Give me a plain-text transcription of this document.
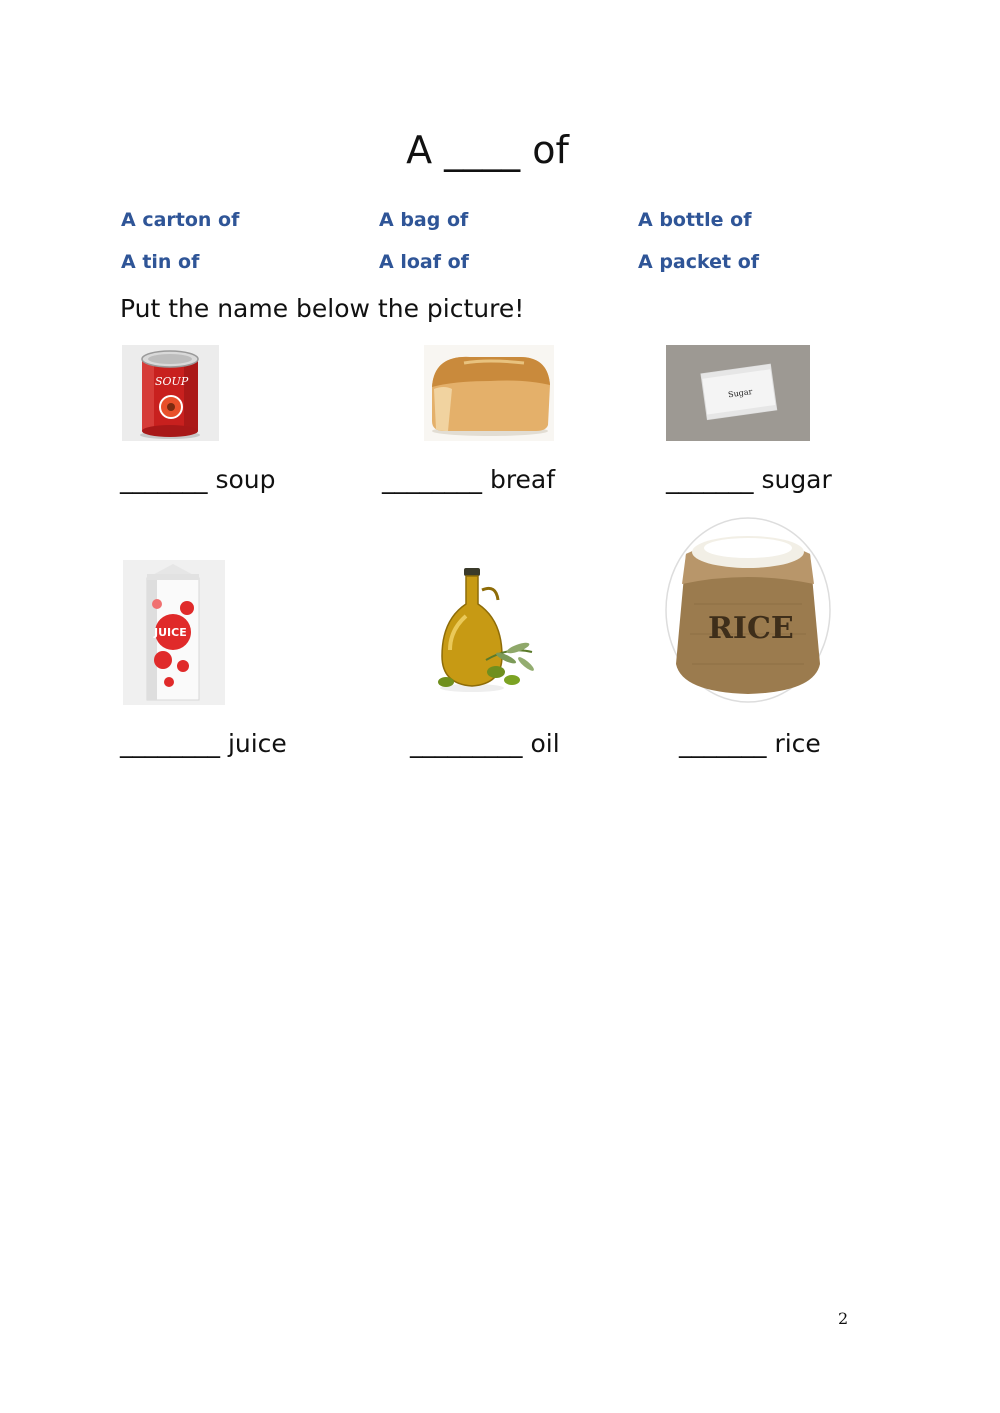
A ____ of
A carton of	A bag of	A bottle of
A tin of	A loaf of	A packet of
Put the name below the picture!
SOUP
Sugar
_______ soup	________ breaf	_______ sugar
JUICE	RICE
________ juice	_________ oil	_______ rice
2
